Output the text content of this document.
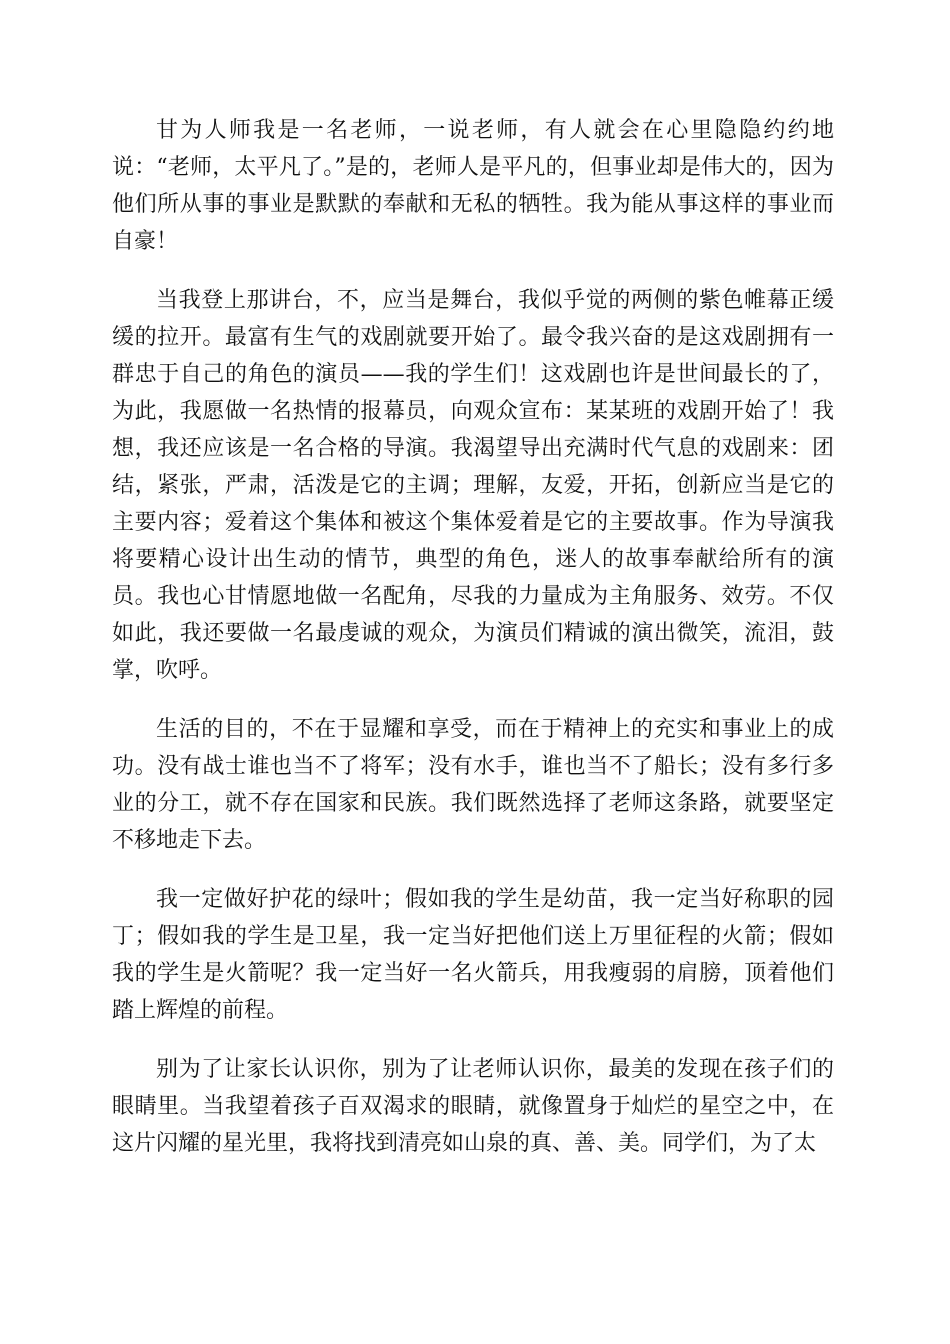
甘为人师我是一名老师，一说老师，有人就会在心里隐隐约约地说：“老师，太平凡了。”是的，老师人是平凡的，但事业却是伟大的，因为他们所从事的事业是默默的奉献和无私的牺牲。我为能从事这样的事业而自豪！

当我登上那讲台，不，应当是舞台，我似乎觉的两侧的紫色帷幕正缓缓的拉开。最富有生气的戏剧就要开始了。最令我兴奋的是这戏剧拥有一群忠于自己的角色的演员——我的学生们！这戏剧也许是世间最长的了，为此，我愿做一名热情的报幕员，向观众宣布：某某班的戏剧开始了！我想，我还应该是一名合格的导演。我渴望导出充满时代气息的戏剧来：团结，紧张，严肃，活泼是它的主调；理解，友爱，开拓，创新应当是它的主要内容；爱着这个集体和被这个集体爱着是它的主要故事。作为导演我将要精心设计出生动的情节，典型的角色，迷人的故事奉献给所有的演员。我也心甘情愿地做一名配角，尽我的力量成为主角服务、效劳。不仅如此，我还要做一名最虔诚的观众，为演员们精诚的演出微笑，流泪，鼓掌，吹呼。

生活的目的，不在于显耀和享受，而在于精神上的充实和事业上的成功。没有战士谁也当不了将军；没有水手，谁也当不了船长；没有多行多业的分工，就不存在国家和民族。我们既然选择了老师这条路，就要坚定不移地走下去。

我一定做好护花的绿叶；假如我的学生是幼苗，我一定当好称职的园丁；假如我的学生是卫星，我一定当好把他们送上万里征程的火箭；假如我的学生是火箭呢？我一定当好一名火箭兵，用我瘦弱的肩膀，顶着他们踏上辉煌的前程。

别为了让家长认识你，别为了让老师认识你，最美的发现在孩子们的眼睛里。当我望着孩子百双渴求的眼睛，就像置身于灿烂的星空之中，在这片闪耀的星光里，我将找到清亮如山泉的真、善、美。同学们，为了太
